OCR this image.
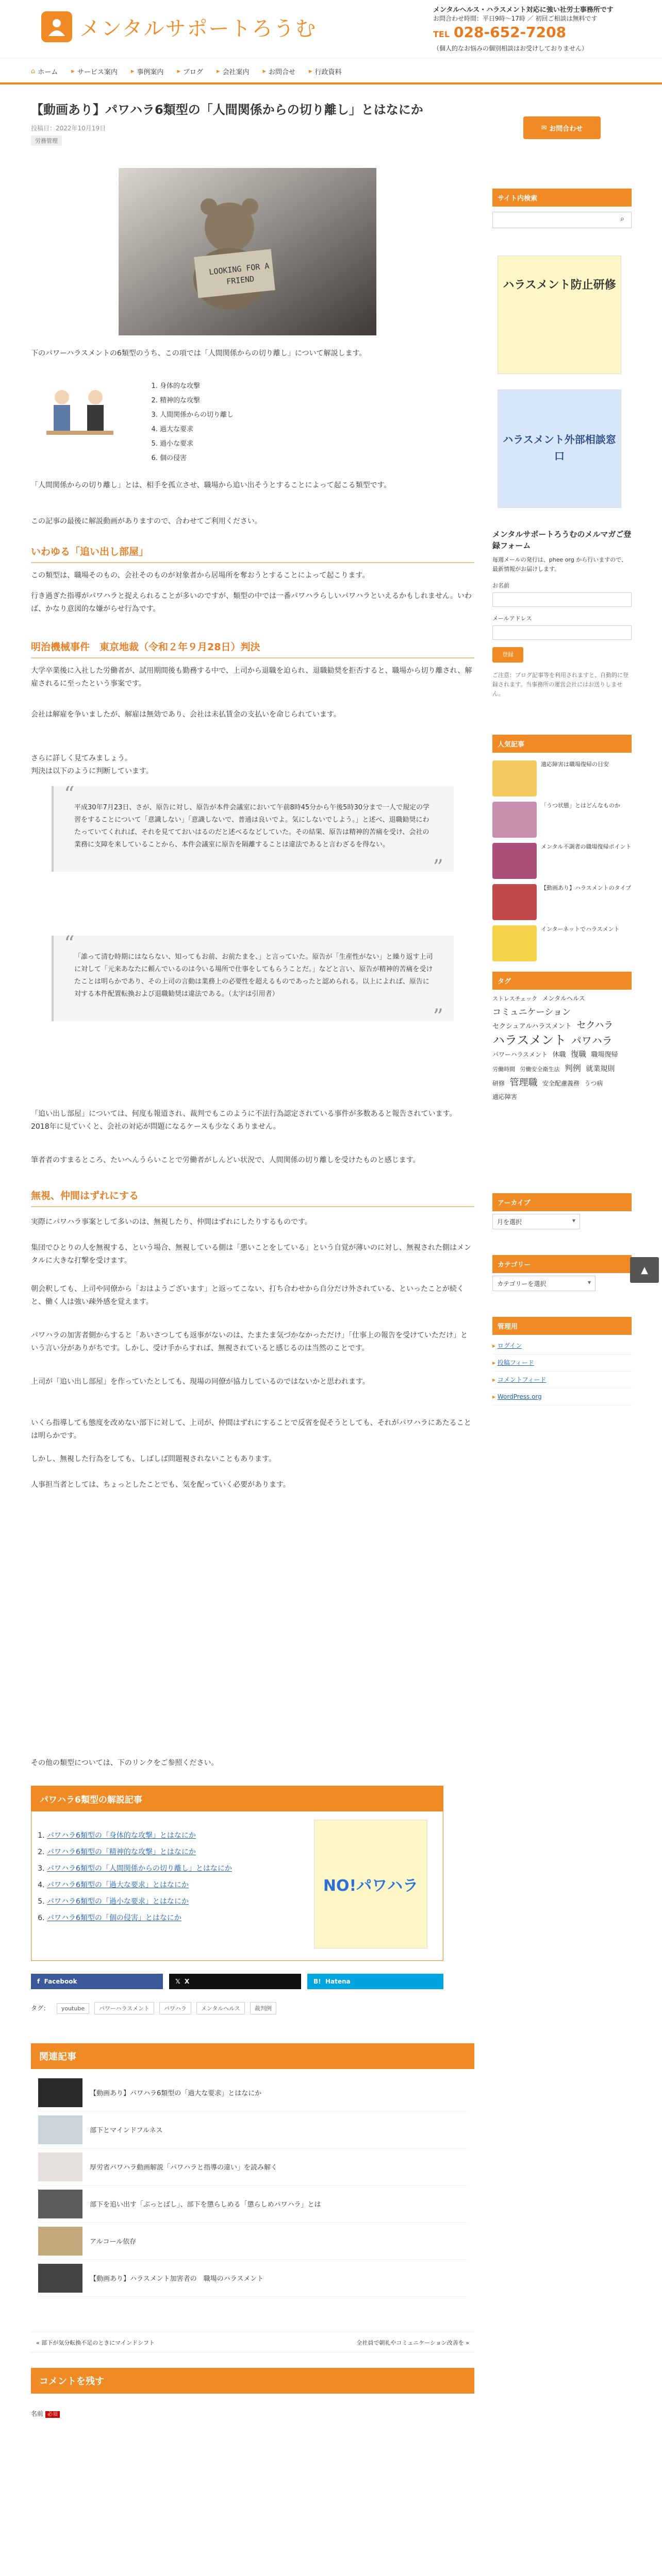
メンタルサポートろうむ
メンタルヘルス・ハラスメント対応に強い社労士事務所です
お問合わせ時間：平日9時〜17時 ／ 初回ご相談は無料です
TEL 028-652-7208
（個人的なお悩みの個別相談はお受けしておりません）
⌂ ホーム ▸ サービス案内 ▸ 事例案内 ▸ ブログ ▸ 会社案内 ▸ お問合せ ▸ 行政資料
【動画あり】パワハラ6類型の「人間関係からの切り離し」とはなにか
投稿日：2022年10月19日
労務管理
LOOKING FOR A FRIEND

下のパワーハラスメントの6類型のうち、この項では「人間関係からの切り離し」について解説します。

1. 身体的な攻撃
2. 精神的な攻撃
3. 人間関係からの切り離し
4. 過大な要求
5. 過小な要求
6. 個の侵害

「人間関係からの切り離し」とは、相手を孤立させ、職場から追い出そうとすることによって起こる類型です。

この記事の最後に解説動画がありますので、合わせてご利用ください。

いわゆる「追い出し部屋」

この類型は、職場そのもの、会社そのものが対象者から居場所を奪おうとすることによって起こります。

行き過ぎた指導がパワハラと捉えられることが多いのですが、類型の中では一番パワハラらしいパワハラといえるかもしれません。いわば、かなり意図的な嫌がらせ行為です。

明治機械事件　東京地裁（令和２年９月28日）判決

大学卒業後に入社した労働者が、試用期間後も勤務する中で、上司から退職を迫られ、退職勧奨を拒否すると、職場から切り離され、解雇されるに至ったという事案です。

会社は解雇を争いましたが、解雇は無効であり、会社は未払賃金の支払いを命じられています。

さらに詳しく見てみましょう。

判決は以下のように判断しています。

“
平成30年7月23日、さが、原告に対し、原告が本件会議室において午前8時45分から午後5時30分まで一人で規定の学習をすることについて「意識しない」「意識しないで、普通は良いでよ。気にしないでしよう。」と述べ、退職勧奨にわたっていてくれれば、それを見てておいはるのだと述べるなどしていた。その結果、原告は精神的苦痛を受け、会社の業務に支障を来していることから、本件会議室に原告を隔離することは違法であると言わざるを得ない。
”
“
「誰って清む時期にはならない、知ってもお前、お前たまを、」と言っていた。原告が「生産性がない」と繰り返す上司に対して「元来あなたに頼んでいるのは今いる場所で仕事をしてもらうことだ。」などと言い、原告が精神的苦痛を受けたことは明らかであり、その上司の言動は業務上の必要性を超えるものであったと認められる。以上によれば、原告に対する本件配置転換および退職勧奨は違法である。（太字は引用者）
”

「追い出し部屋」については、何度も報道され、裁判でもこのように不法行為認定されている事件が多数あると報告されています。2018年に見ていくと、会社の対応が問題になるケースも少なくありません。

筆者者のすまるところ、たいへんうらいことで労働者がしんどい状況で、人間関係の切り離しを受けたものと感じます。

無視、仲間はずれにする

実際にパワハラ事案として多いのは、無視したり、仲間はずれにしたりするものです。

集団でひとりの人を無視する、という場合、無視している側は「悪いことをしている」という自覚が薄いのに対し、無視された側はメンタルに大きな打撃を受けます。

朝会釈しても、上司や同僚から「おはようございます」と返ってこない、打ち合わせから自分だけ外されている、といったことが続くと、働く人は強い疎外感を覚えます。

パワハラの加害者側からすると「あいさつしても返事がないのは、たまたま気づかなかっただけ」「仕事上の報告を受けていただけ」という言い分がありがちです。しかし、受け手からすれば、無視されていると感じるのは当然のことです。

上司が「追い出し部屋」を作っていたとしても、現場の同僚が協力しているのではないかと思われます。

いくら指導しても態度を改めない部下に対して、上司が、仲間はずれにすることで反省を促そうとしても、それがパワハラにあたることは明らかです。

しかし、無視した行為をしても、しばしば問題視されないこともあります。

人事担当者としては、ちょっとしたことでも、気を配っていく必要があります。

その他の類型については、下のリンクをご参照ください。

パワハラ6類型の解説記事
1. パワハラ6類型の「身体的な攻撃」とはなにか
2. パワハラ6類型の「精神的な攻撃」とはなにか
3. パワハラ6類型の「人間関係からの切り離し」とはなにか
4. パワハラ6類型の「過大な要求」とはなにか
5. パワハラ6類型の「過小な要求」とはなにか
6. パワハラ6類型の「個の侵害」とはなにか
NO!パワハラ
f Facebook	𝕏 X	B! Hatena
タグ： youtube	パワーハラスメント	パワハラ	メンタルヘルス	裁判例
関連記事
【動画あり】パワハラ6類型の「過大な要求」とはなにか
部下とマインドフルネス
厚労省パワハラ動画解説「パワハラと指導の違い」を読み解く
部下を追い出す「ぶっとばし」、部下を懲らしめる「懲らしめパワハラ」とは
アルコール依存
【動画あり】ハラスメント加害者の　職場のハラスメント
« 部下が気分転換不足のときにマインドシフト	全社員で朝礼やコミュニケーション改善を »
コメントを残す
名前 必須
✉ お問合わせ
サイト内検索
⌕
ハラスメント防止研修
ハラスメント外部相談窓口
メンタルサポートろうむのメルマガご登録フォーム
毎週メールの発行は、phee org から行いますので、最新情報がお届けします。
お名前
メールアドレス
登録
ご注意：ブログ記事等を利用されますと、自動的に登録されます。当事務所の運営会社にはお送りしません。
人気記事
適応障害は職場復帰の目安
「うつ状態」とはどんなものか
メンタル不調者の職場復帰ポイント
【動画あり】ハラスメントのタイプ
インターネットでハラスメント
タグ
ストレスチェック メンタルヘルス コミュニケーション セクシュアルハラスメント セクハラ ハラスメント パワハラ パワーハラスメント 休職 復職 職場復帰 労働時間 労働安全衛生法 判例 就業規則 研修 管理職 安全配慮義務 うつ病 適応障害
アーカイブ
月を選択 ▾
カテゴリー
カテゴリーを選択 ▾
管理用
▸ ログイン
▸ 投稿フィード
▸ コメントフィード
▸ WordPress.org
▲
